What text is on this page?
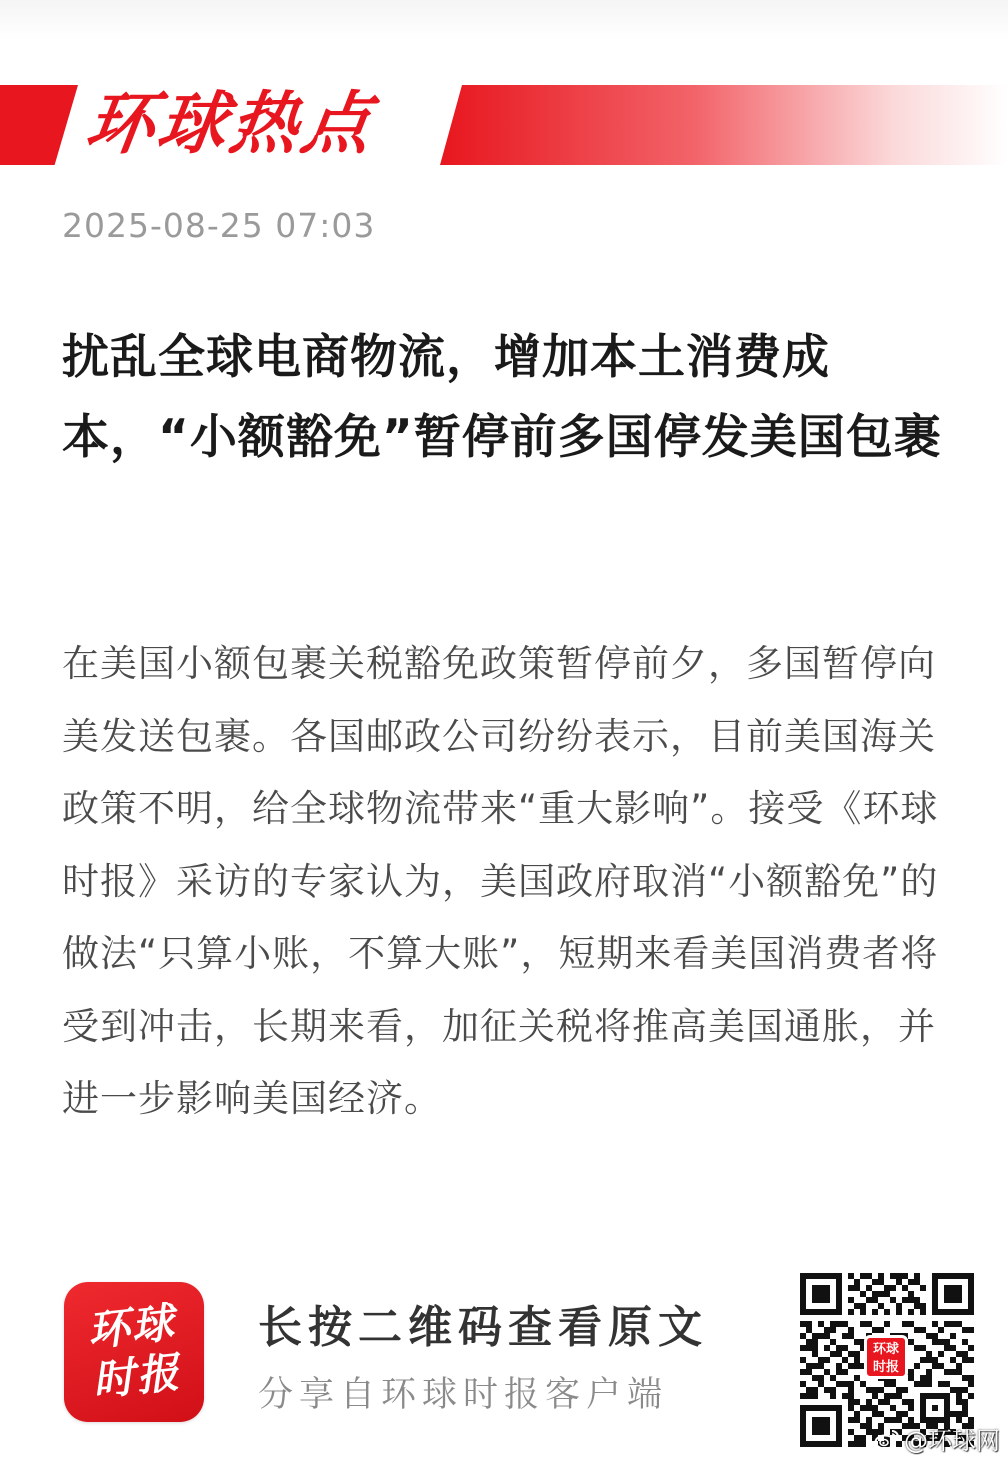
环球热点
2025-08-25 07:03
扰乱全球电商物流，增加本土消费成本，“小额豁免”暂停前多国停发美国包裹

在美国小额包裹关税豁免政策暂停前夕，多国暂停向美发送包裹。各国邮政公司纷纷表示，目前美国海关政策不明，给全球物流带来“重大影响”。接受《环球时报》采访的专家认为，美国政府取消“小额豁免”的做法“只算小账，不算大账”，短期来看美国消费者将受到冲击，长期来看，加征关税将推高美国通胀，并进一步影响美国经济。

环球
时报
长按二维码查看原文
分享自环球时报客户端
环球
时报
@环球网
